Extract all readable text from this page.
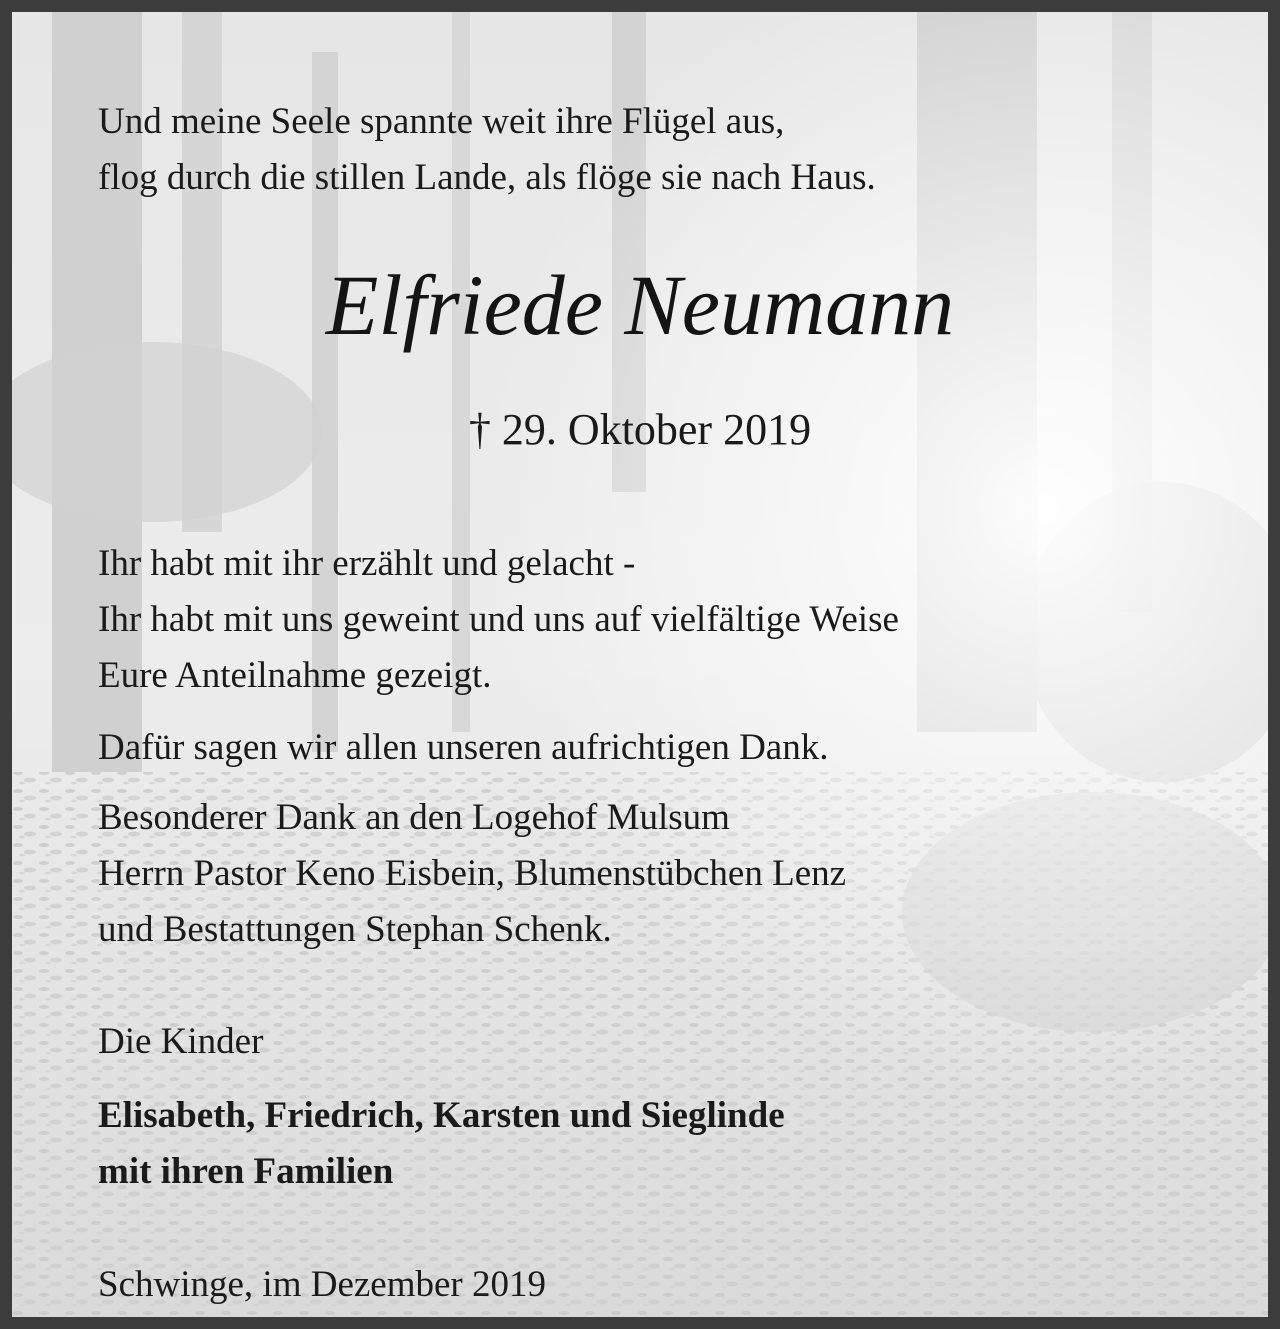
Und meine Seele spannte weit ihre Flügel aus,
flog durch die stillen Lande, als flöge sie nach Haus.
Elfriede Neumann
† 29. Oktober 2019
Ihr habt mit ihr erzählt und gelacht -
Ihr habt mit uns geweint und uns auf vielfältige Weise
Eure Anteilnahme gezeigt.
Dafür sagen wir allen unseren aufrichtigen Dank.
Besonderer Dank an den Logehof Mulsum
Herrn Pastor Keno Eisbein, Blumenstübchen Lenz
und Bestattungen Stephan Schenk.
Die Kinder
Elisabeth, Friedrich, Karsten und Sieglinde
mit ihren Familien
Schwinge, im Dezember 2019
